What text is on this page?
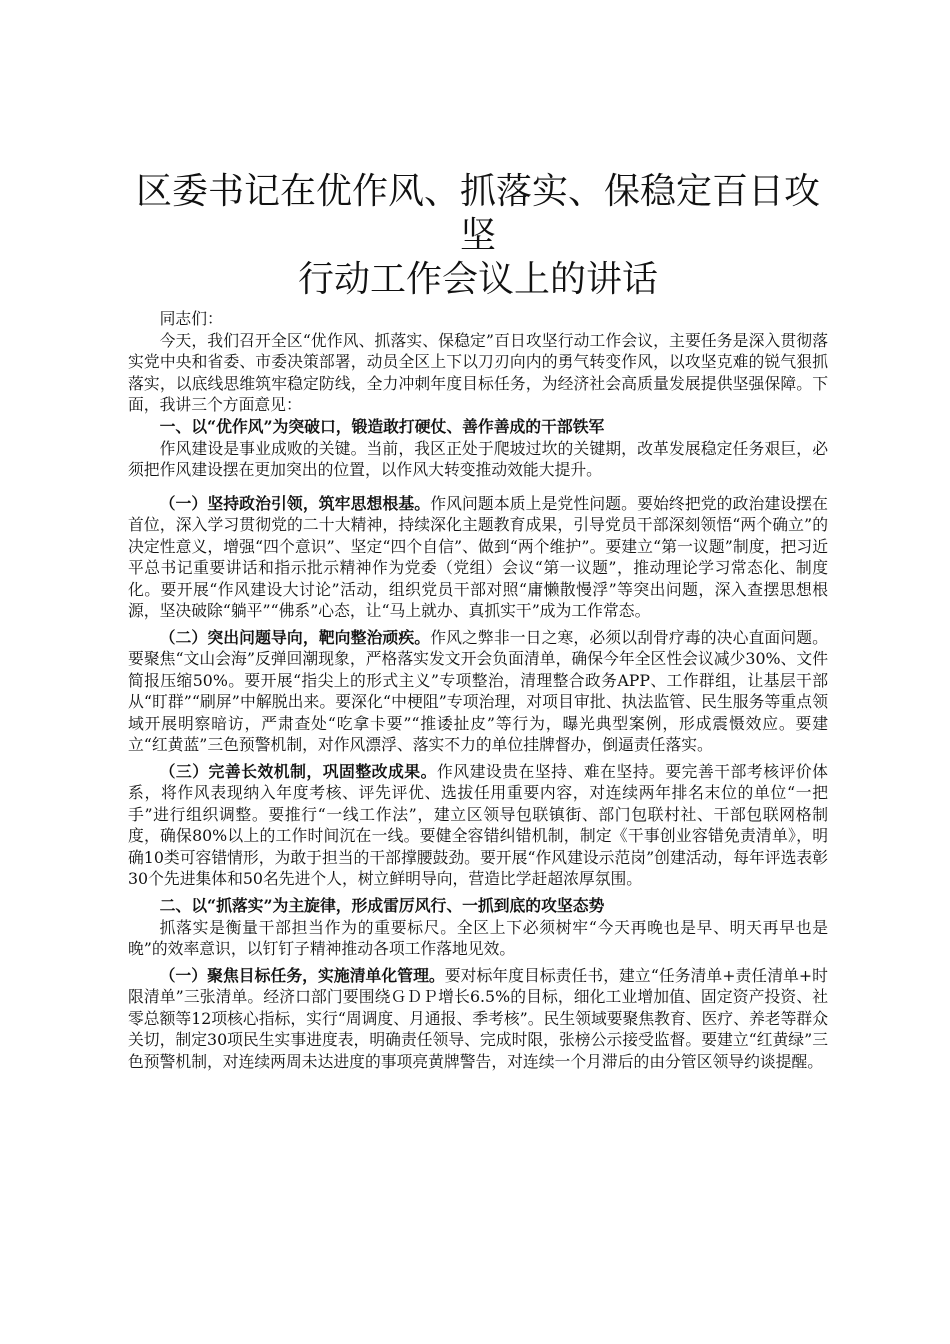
区委书记在优作风、抓落实、保稳定百日攻坚
行动工作会议上的讲话

同志们：

今天，我们召开全区“优作风、抓落实、保稳定”百日攻坚行动工作会议，主要任务是深入贯彻落实党中央和省委、市委决策部署，动员全区上下以刀刃向内的勇气转变作风，以攻坚克难的锐气狠抓落实，以底线思维筑牢稳定防线，全力冲刺年度目标任务，为经济社会高质量发展提供坚强保障。下面，我讲三个方面意见：

一、以“优作风”为突破口，锻造敢打硬仗、善作善成的干部铁军

作风建设是事业成败的关键。当前，我区正处于爬坡过坎的关键期，改革发展稳定任务艰巨，必须把作风建设摆在更加突出的位置，以作风大转变推动效能大提升。

（一）坚持政治引领，筑牢思想根基。作风问题本质上是党性问题。要始终把党的政治建设摆在首位，深入学习贯彻党的二十大精神，持续深化主题教育成果，引导党员干部深刻领悟“两个确立”的决定性意义，增强“四个意识”、坚定“四个自信”、做到“两个维护”。要建立“第一议题”制度，把习近平总书记重要讲话和指示批示精神作为党委（党组）会议“第一议题”，推动理论学习常态化、制度化。要开展“作风建设大讨论”活动，组织党员干部对照“庸懒散慢浮”等突出问题，深入查摆思想根源，坚决破除“躺平”“佛系”心态，让“马上就办、真抓实干”成为工作常态。

（二）突出问题导向，靶向整治顽疾。作风之弊非一日之寒，必须以刮骨疗毒的决心直面问题。要聚焦“文山会海”反弹回潮现象，严格落实发文开会负面清单，确保今年全区性会议减少30%、文件简报压缩50%。要开展“指尖上的形式主义”专项整治，清理整合政务APP、工作群组，让基层干部从“盯群”“刷屏”中解脱出来。要深化“中梗阻”专项治理，对项目审批、执法监管、民生服务等重点领域开展明察暗访，严肃查处“吃拿卡要”“推诿扯皮”等行为，曝光典型案例，形成震慑效应。要建立“红黄蓝”三色预警机制，对作风漂浮、落实不力的单位挂牌督办，倒逼责任落实。

（三）完善长效机制，巩固整改成果。作风建设贵在坚持、难在坚持。要完善干部考核评价体系，将作风表现纳入年度考核、评先评优、选拔任用重要内容，对连续两年排名末位的单位“一把手”进行组织调整。要推行“一线工作法”，建立区领导包联镇街、部门包联村社、干部包联网格制度，确保80%以上的工作时间沉在一线。要健全容错纠错机制，制定《干事创业容错免责清单》，明确10类可容错情形，为敢于担当的干部撑腰鼓劲。要开展“作风建设示范岗”创建活动，每年评选表彰30个先进集体和50名先进个人，树立鲜明导向，营造比学赶超浓厚氛围。

二、以“抓落实”为主旋律，形成雷厉风行、一抓到底的攻坚态势

抓落实是衡量干部担当作为的重要标尺。全区上下必须树牢“今天再晚也是早、明天再早也是晚”的效率意识，以钉钉子精神推动各项工作落地见效。

（一）聚焦目标任务，实施清单化管理。要对标年度目标责任书，建立“任务清单+责任清单+时限清单”三张清单。经济口部门要围绕ＧＤＰ增长6.5%的目标，细化工业增加值、固定资产投资、社零总额等12项核心指标，实行“周调度、月通报、季考核”。民生领域要聚焦教育、医疗、养老等群众关切，制定30项民生实事进度表，明确责任领导、完成时限，张榜公示接受监督。要建立“红黄绿”三色预警机制，对连续两周未达进度的事项亮黄牌警告，对连续一个月滞后的由分管区领导约谈提醒。
